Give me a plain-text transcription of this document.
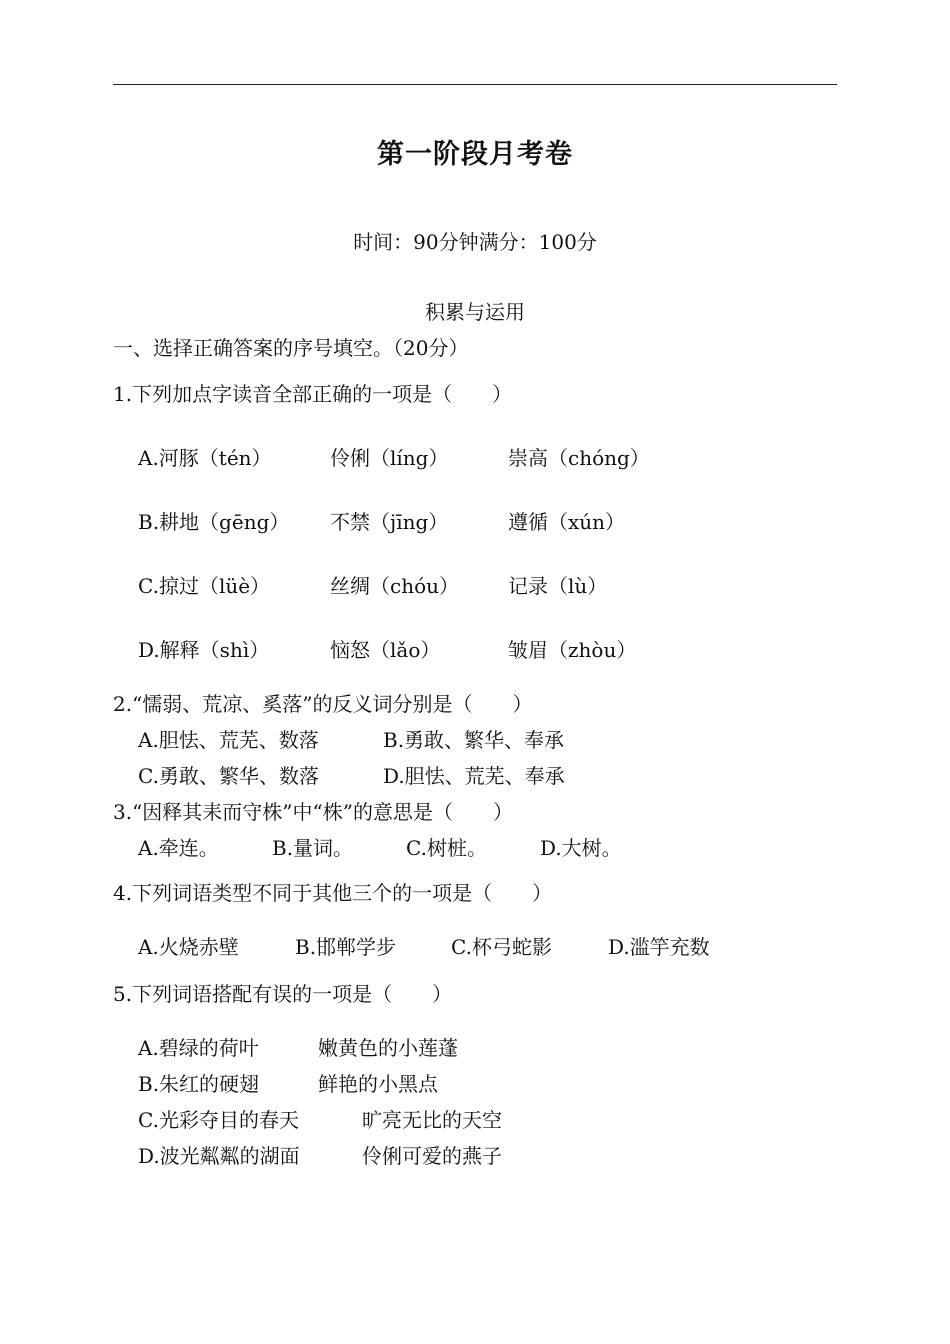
第一阶段月考卷
时间：90分钟满分：100分
积累与运用
一、选择正确答案的序号填空。（20分）
1.下列加点字读音全部正确的一项是（　　）
A.河豚（tén）	伶俐（líng）	崇高（chóng）
B.耕地（gēng） 不禁（jīng）	遵循（xún）
C.掠过（lüè）	丝绸（chóu） 记录（lù）
D.解释（shì）	恼怒（lǎo）	皱眉（zhòu）
2.“懦弱、荒凉、奚落”的反义词分别是（　　）
A.胆怯、荒芜、数落	B.勇敢、繁华、奉承
C.勇敢、繁华、数落	D.胆怯、荒芜、奉承
3.“因释其耒而守株”中“株”的意思是（　　）
A.牵连。	B.量词。	C.树桩。	D.大树。
4.下列词语类型不同于其他三个的一项是（　　）
A.火烧赤壁	B.邯郸学步	C.杯弓蛇影	D.滥竽充数
5.下列词语搭配有误的一项是（　　）
A.碧绿的荷叶	嫩黄色的小莲蓬
B.朱红的硬翅	鲜艳的小黑点
C.光彩夺目的春天	旷亮无比的天空
D.波光粼粼的湖面	伶俐可爱的燕子
